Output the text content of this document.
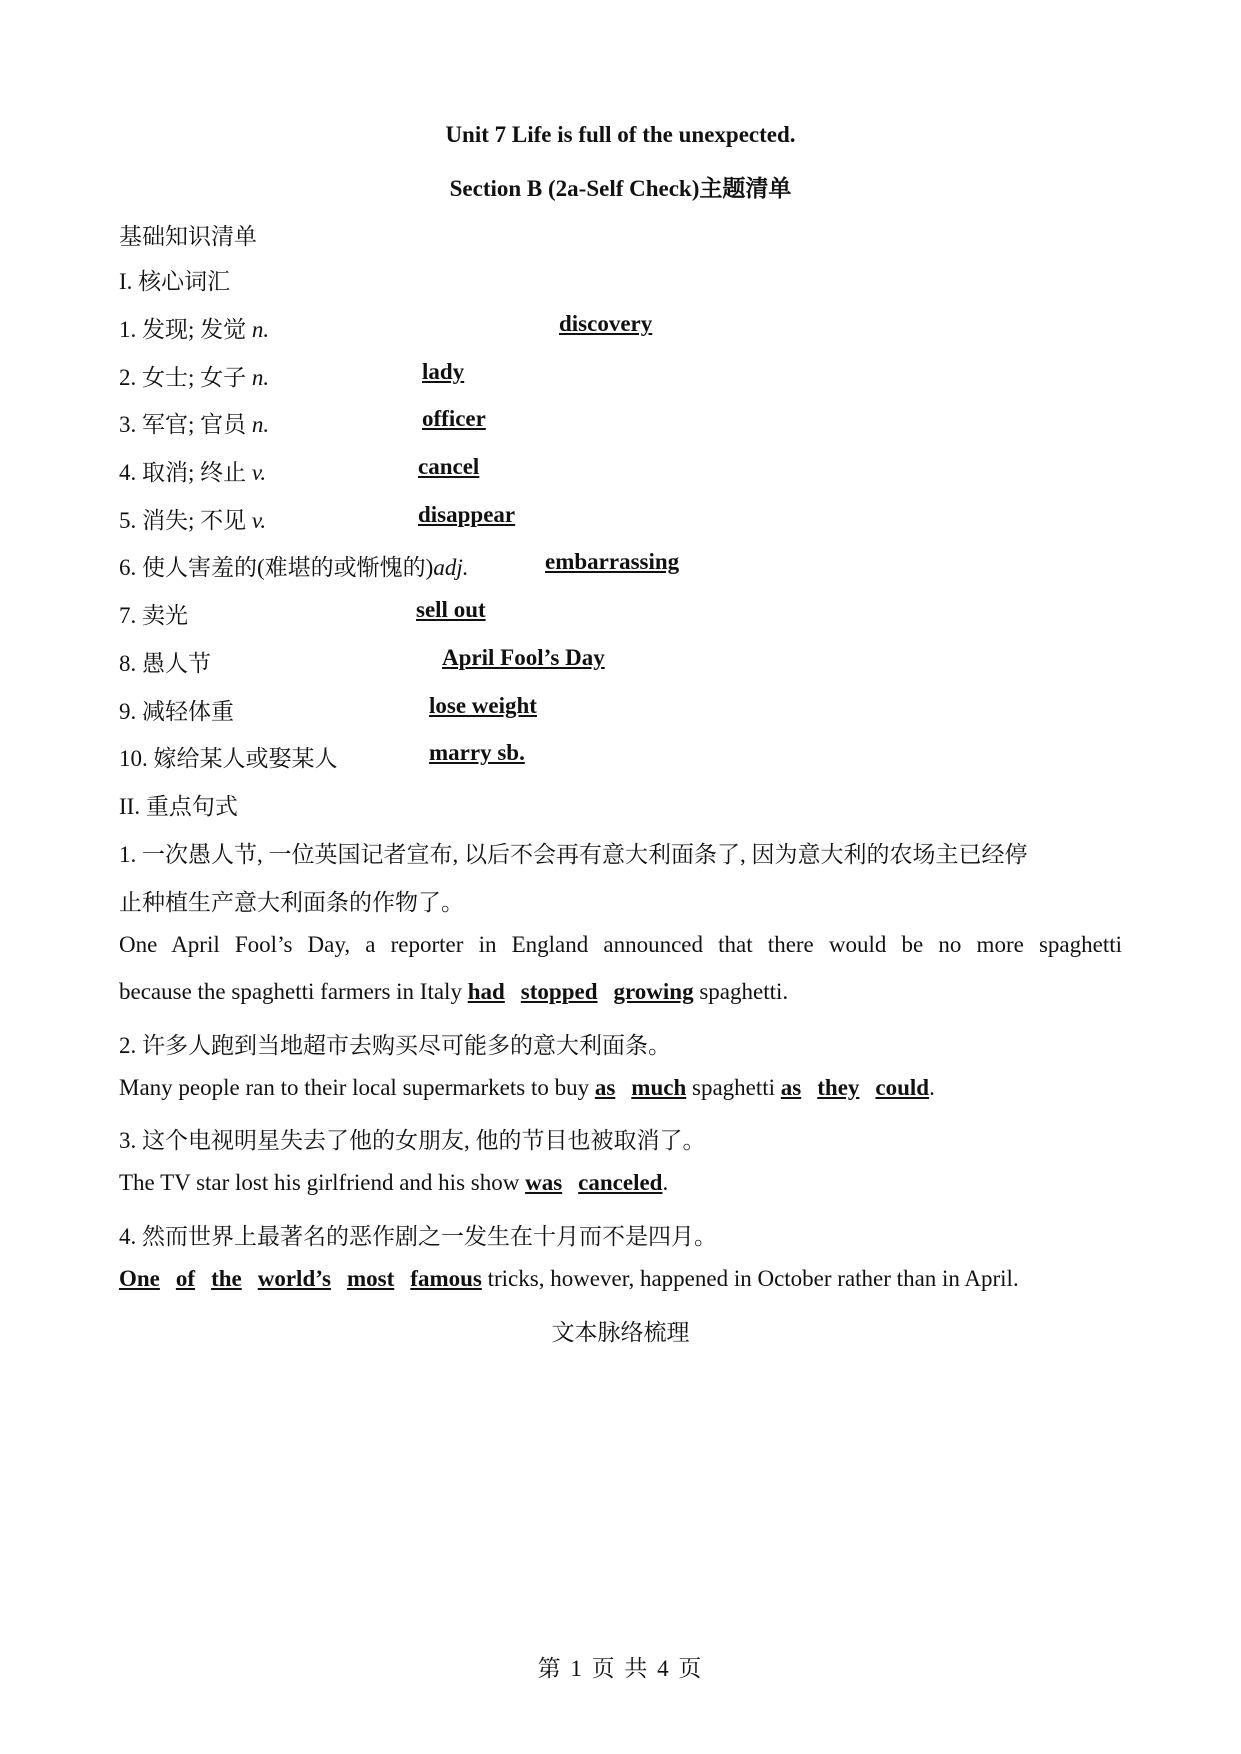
Unit 7 Life is full of the unexpected.
Section B (2a-Self Check)主题清单
基础知识清单
I. 核心词汇
1. 发现; 发觉 n.	discovery
2. 女士; 女子 n.	lady
3. 军官; 官员 n.	officer
4. 取消; 终止 v.	cancel
5. 消失; 不见 v.	disappear
6. 使人害羞的(难堪的或惭愧的)adj.	embarrassing
7. 卖光	sell out
8. 愚人节	April Fool’s Day
9. 减轻体重	lose weight
10. 嫁给某人或娶某人	marry sb.
II. 重点句式
1. 一次愚人节, 一位英国记者宣布, 以后不会再有意大利面条了, 因为意大利的农场主已经停
止种植生产意大利面条的作物了。
One April Fool’s Day, a reporter in England announced that there would be no more spaghetti
because the spaghetti farmers in Italy had stopped growing spaghetti.
2. 许多人跑到当地超市去购买尽可能多的意大利面条。
Many people ran to their local supermarkets to buy as much spaghetti as they could.
3. 这个电视明星失去了他的女朋友, 他的节目也被取消了。
The TV star lost his girlfriend and his show was canceled.
4. 然而世界上最著名的恶作剧之一发生在十月而不是四月。
One of the world’s most famous tricks, however, happened in October rather than in April.
文本脉络梳理
第 1 页 共 4 页
